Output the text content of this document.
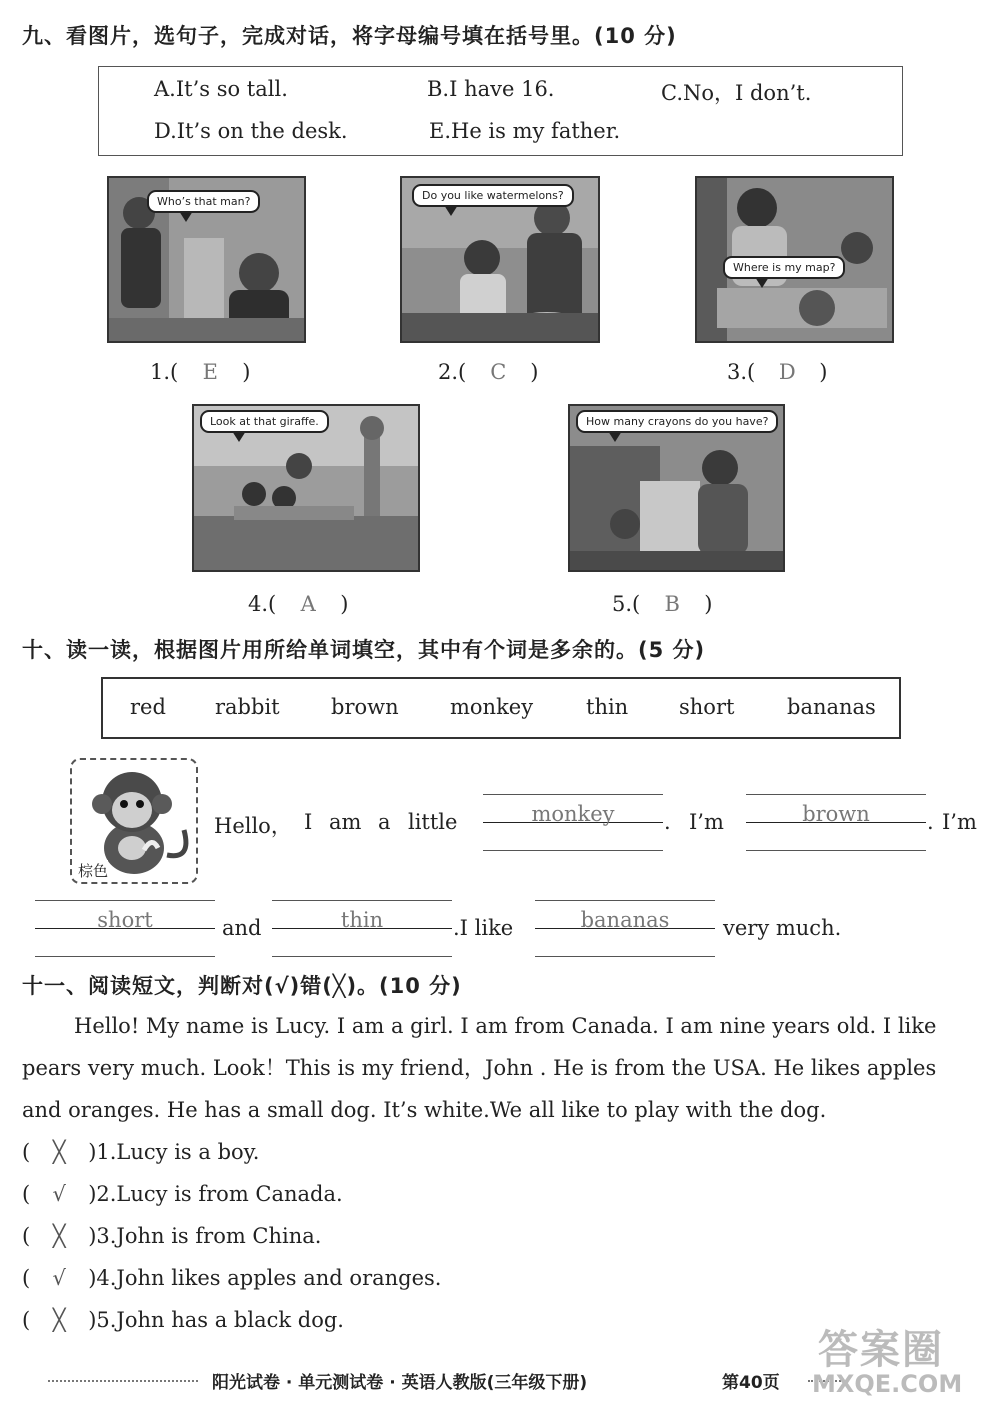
九、看图片，选句子，完成对话，将字母编号填在括号里。(10 分)
A.It’s so tall.	B.I have 16.	C.No，I don’t.
D.It’s on the desk.	E.He is my father.
Who’s that man?	Do you like watermelons?
Where is my map?
1.( E )	2.( C )	3.( D )
Look at that giraffe.	How many crayons do you have?
4.( A )	5.( B )
十、读一读，根据图片用所给单词填空，其中有个词是多余的。(5 分)
red rabbit brown monkey	thin short	bananas
棕色
Hello， I am a little	monkey	. I’m	brown	. I’m
short	and	thin	.I like	bananas	very much.
十一、阅读短文，判断对(√)错(╳)。(10 分)
Hello! My name is Lucy. I am a girl. I am from Canada. I am nine years old. I like
pears very much. Look！This is my friend，John . He is from the USA. He likes apples
and oranges. He has a small dog. It’s white.We all like to play with the dog.
( ╳ )1.Lucy is a boy.
( √ )2.Lucy is from Canada.
( ╳ )3.John is from China.
( √ )4.John likes apples and oranges.
( ╳ )5.John has a black dog.
阳光试卷 · 单元测试卷 · 英语人教版(三年级下册)	第40页
答案圈
MXQE.COM
